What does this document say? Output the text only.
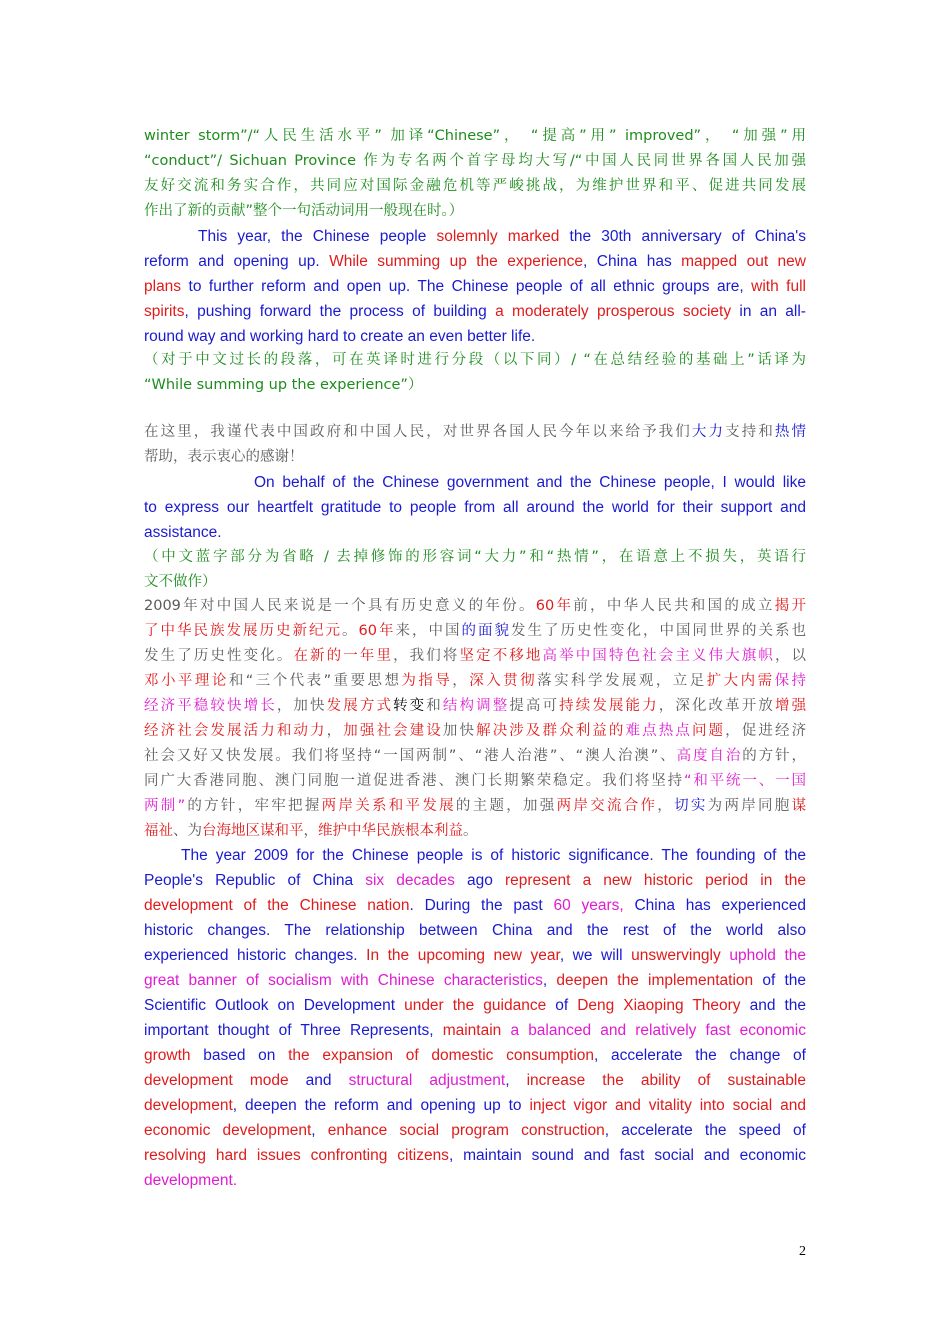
winter storm”/“人民生活水平” 加译“Chinese”， “提高”用” improved”， “加强”用
“conduct”/ Sichuan Province 作为专名两个首字母均大写/“中国人民同世界各国人民加强
友好交流和务实合作，共同应对国际金融危机等严峻挑战，为维护世界和平、促进共同发展
作出了新的贡献”整个一句活动词用一般现在时。）
This year, the Chinese people solemnly marked the 30th anniversary of China's
reform and opening up. While summing up the experience, China has mapped out new
plans to further reform and open up. The Chinese people of all ethnic groups are, with full
spirits, pushing forward the process of building a moderately prosperous society in an all-
round way and working hard to create an even better life.
（对于中文过长的段落，可在英译时进行分段（以下同）/ “在总结经验的基础上”话译为
“While summing up the experience”）
在这里，我谨代表中国政府和中国人民，对世界各国人民今年以来给予我们大力支持和热情
帮助，表示衷心的感谢！
On behalf of the Chinese government and the Chinese people, I would like
to express our heartfelt gratitude to people from all around the world for their support and
assistance.
（中文蓝字部分为省略 / 去掉修饰的形容词“大力”和“热情”，在语意上不损失，英语行
文不做作）
2009年对中国人民来说是一个具有历史意义的年份。60年前，中华人民共和国的成立揭开
了中华民族发展历史新纪元。60年来，中国的面貌发生了历史性变化，中国同世界的关系也
发生了历史性变化。在新的一年里，我们将坚定不移地高举中国特色社会主义伟大旗帜，以
邓小平理论和“三个代表”重要思想为指导，深入贯彻落实科学发展观，立足扩大内需保持
经济平稳较快增长，加快发展方式转变和结构调整提高可持续发展能力，深化改革开放增强
经济社会发展活力和动力，加强社会建设加快解决涉及群众利益的难点热点问题，促进经济
社会又好又快发展。我们将坚持“一国两制”、“港人治港”、“澳人治澳”、高度自治的方针，
同广大香港同胞、澳门同胞一道促进香港、澳门长期繁荣稳定。我们将坚持“和平统一、一国
两制”的方针，牢牢把握两岸关系和平发展的主题，加强两岸交流合作，切实为两岸同胞谋
福祉、为台海地区谋和平，维护中华民族根本利益。
The year 2009 for the Chinese people is of historic significance. The founding of the
People's Republic of China six decades ago represent a new historic period in the
development of the Chinese nation. During the past 60 years, China has experienced
historic changes. The relationship between China and the rest of the world also
experienced historic changes. In the upcoming new year, we will unswervingly uphold the
great banner of socialism with Chinese characteristics, deepen the implementation of the
Scientific Outlook on Development under the guidance of Deng Xiaoping Theory and the
important thought of Three Represents, maintain a balanced and relatively fast economic
growth based on the expansion of domestic consumption, accelerate the change of
development mode and structural adjustment, increase the ability of sustainable
development, deepen the reform and opening up to inject vigor and vitality into social and
economic development, enhance social program construction, accelerate the speed of
resolving hard issues confronting citizens, maintain sound and fast social and economic
development.
2
